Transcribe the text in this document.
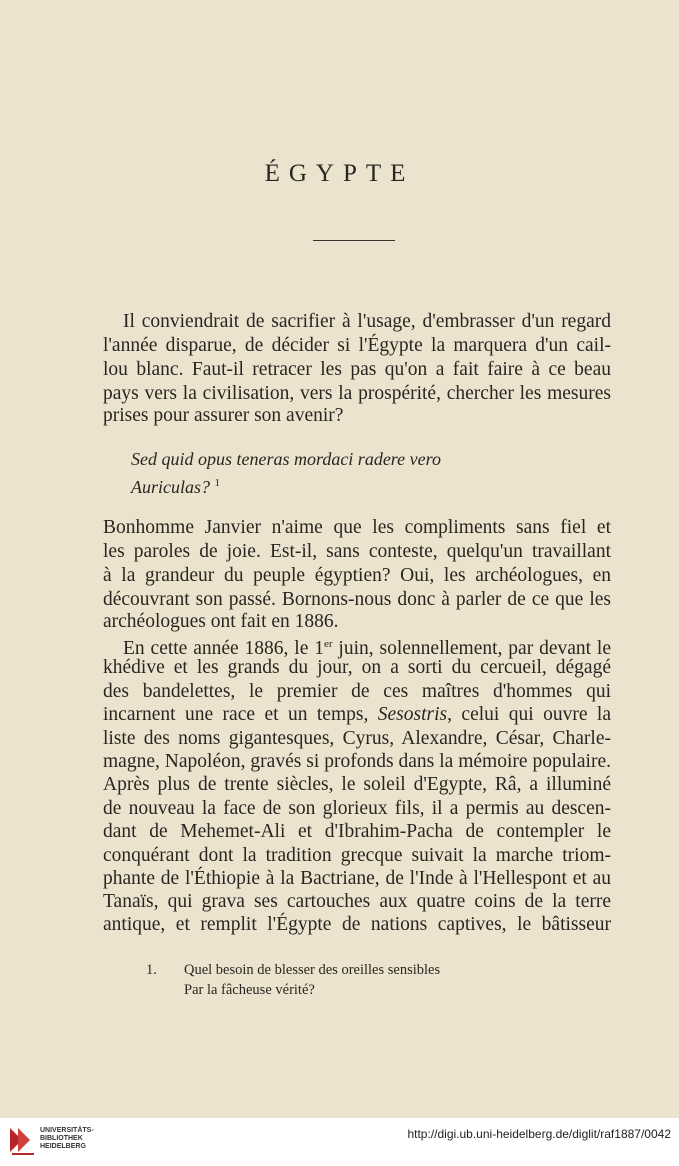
ÉGYPTE
Il conviendrait de sacrifier à l'usage, d'embrasser d'un regard
l'année disparue, de décider si l'Égypte la marquera d'un cail-
lou blanc. Faut-il retracer les pas qu'on a fait faire à ce beau
pays vers la civilisation, vers la prospérité, chercher les mesures
prises pour assurer son avenir?
Sed quid opus teneras mordaci radere vero
Auriculas? $^1$
Bonhomme Janvier n'aime que les compliments sans fiel et
les paroles de joie. Est-il, sans conteste, quelqu'un travaillant
à la grandeur du peuple égyptien? Oui, les archéologues, en
découvrant son passé. Bornons-nous donc à parler de ce que les
archéologues ont fait en 1886.
En cette année 1886, le 1er juin, solennellement, par devant le
khédive et les grands du jour, on a sorti du cercueil, dégagé
des bandelettes, le premier de ces maîtres d'hommes qui
incarnent une race et un temps, Sesostris, celui qui ouvre la
liste des noms gigantesques, Cyrus, Alexandre, César, Charle-
magne, Napoléon, gravés si profonds dans la mémoire populaire.
Après plus de trente siècles, le soleil d'Egypte, Râ, a illuminé
de nouveau la face de son glorieux fils, il a permis au descen-
dant de Mehemet-Ali et d'Ibrahim-Pacha de contempler le
conquérant dont la tradition grecque suivait la marche triom-
phante de l'Éthiopie à la Bactriane, de l'Inde à l'Hellespont et au
Tanaïs, qui grava ses cartouches aux quatre coins de la terre
antique, et remplit l'Égypte de nations captives, le bâtisseur
1. Quel besoin de blesser des oreilles sensibles
Par la fâcheuse vérité?
UNIVERSITÄTS-
BIBLIOTHEK
HEIDELBERG
http://digi.ub.uni-heidelberg.de/diglit/raf1887/0042
